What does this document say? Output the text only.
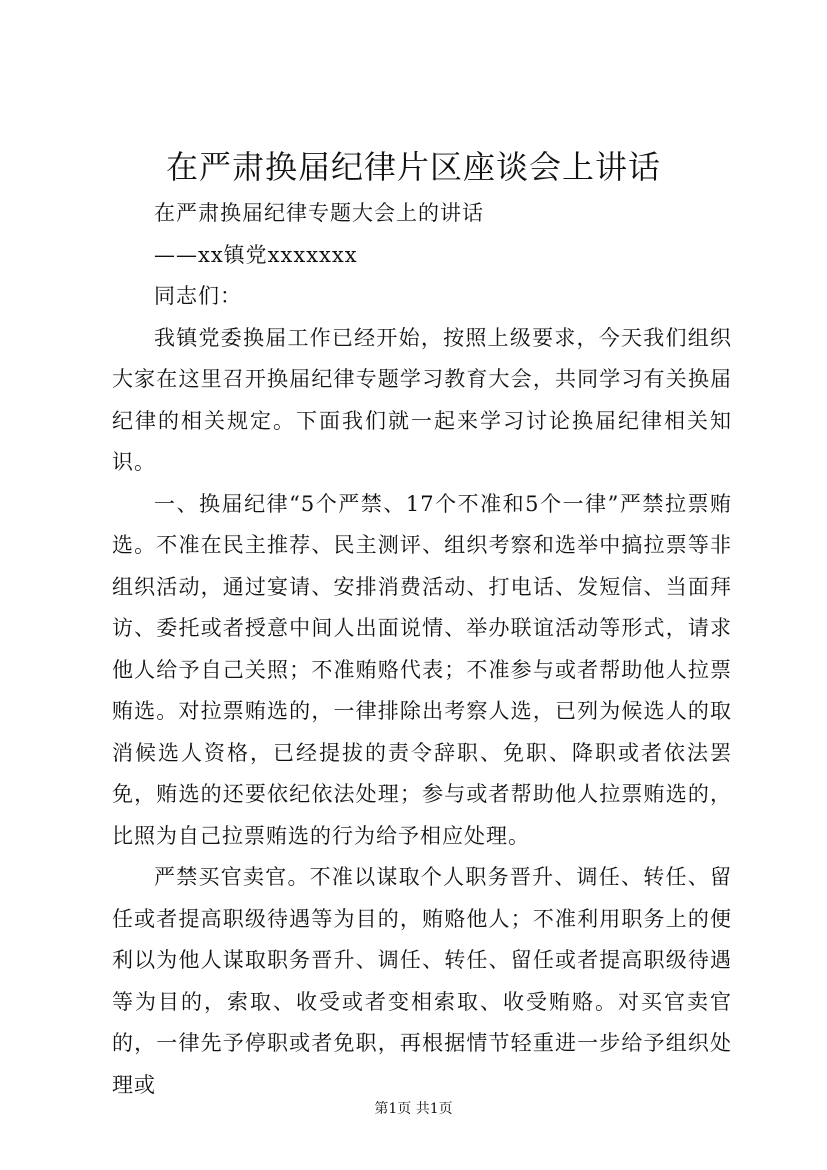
在严肃换届纪律片区座谈会上讲话

在严肃换届纪律专题大会上的讲话

——xx镇党xxxxxxx

同志们：

我镇党委换届工作已经开始，按照上级要求，今天我们组织大家在这里召开换届纪律专题学习教育大会，共同学习有关换届纪律的相关规定。下面我们就一起来学习讨论换届纪律相关知识。

一、换届纪律“5个严禁、17个不准和5个一律”严禁拉票贿选。不准在民主推荐、民主测评、组织考察和选举中搞拉票等非组织活动，通过宴请、安排消费活动、打电话、发短信、当面拜访、委托或者授意中间人出面说情、举办联谊活动等形式，请求他人给予自己关照；不准贿赂代表；不准参与或者帮助他人拉票贿选。对拉票贿选的，一律排除出考察人选，已列为候选人的取消候选人资格，已经提拔的责令辞职、免职、降职或者依法罢免，贿选的还要依纪依法处理；参与或者帮助他人拉票贿选的，比照为自己拉票贿选的行为给予相应处理。

严禁买官卖官。不准以谋取个人职务晋升、调任、转任、留任或者提高职级待遇等为目的，贿赂他人；不准利用职务上的便利以为他人谋取职务晋升、调任、转任、留任或者提高职级待遇等为目的，索取、收受或者变相索取、收受贿赂。对买官卖官的，一律先予停职或者免职，再根据情节轻重进一步给予组织处理或

第1页 共1页
